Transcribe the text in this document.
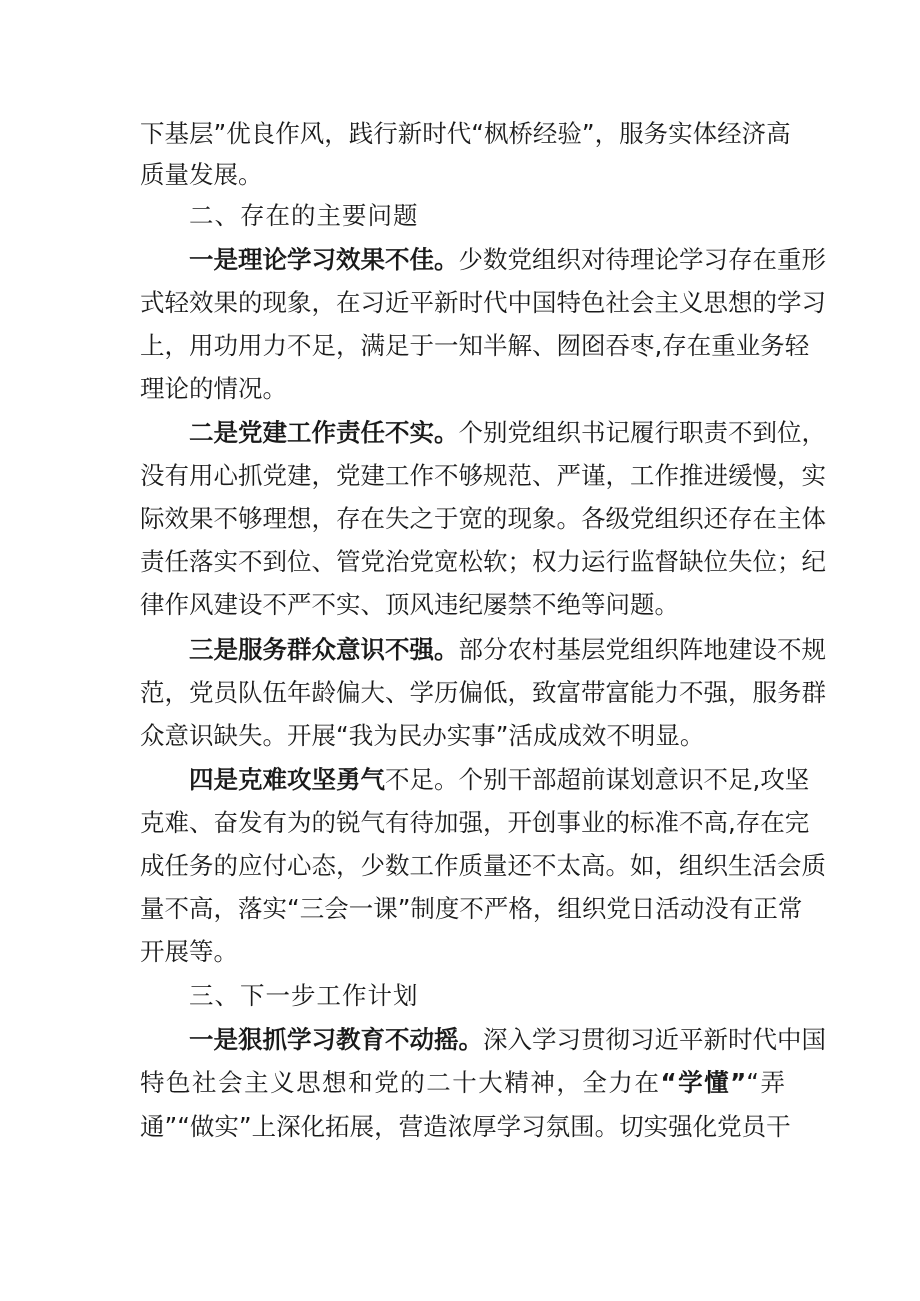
下基层”优良作风，践行新时代“枫桥经验”，服务实体经济高
质量发展。
二、存在的主要问题
一是理论学习效果不佳。少数党组织对待理论学习存在重形
式轻效果的现象，在习近平新时代中国特色社会主义思想的学习
上，用功用力不足，满足于一知半解、囫囵吞枣,存在重业务轻
理论的情况。
二是党建工作责任不实。个别党组织书记履行职责不到位，
没有用心抓党建，党建工作不够规范、严谨，工作推进缓慢，实
际效果不够理想，存在失之于宽的现象。各级党组织还存在主体
责任落实不到位、管党治党宽松软；权力运行监督缺位失位；纪
律作风建设不严不实、顶风违纪屡禁不绝等问题。
三是服务群众意识不强。部分农村基层党组织阵地建设不规
范，党员队伍年龄偏大、学历偏低，致富带富能力不强，服务群
众意识缺失。开展“我为民办实事”活成成效不明显。
四是克难攻坚勇气不足。个别干部超前谋划意识不足,攻坚
克难、奋发有为的锐气有待加强，开创事业的标准不高,存在完
成任务的应付心态，少数工作质量还不太高。如，组织生活会质
量不高，落实“三会一课”制度不严格，组织党日活动没有正常
开展等。
三、下一步工作计划
一是狠抓学习教育不动摇。深入学习贯彻习近平新时代中国
特色社会主义思想和党的二十大精神，全力在“学懂”“弄
通”“做实”上深化拓展，营造浓厚学习氛围。切实强化党员干
